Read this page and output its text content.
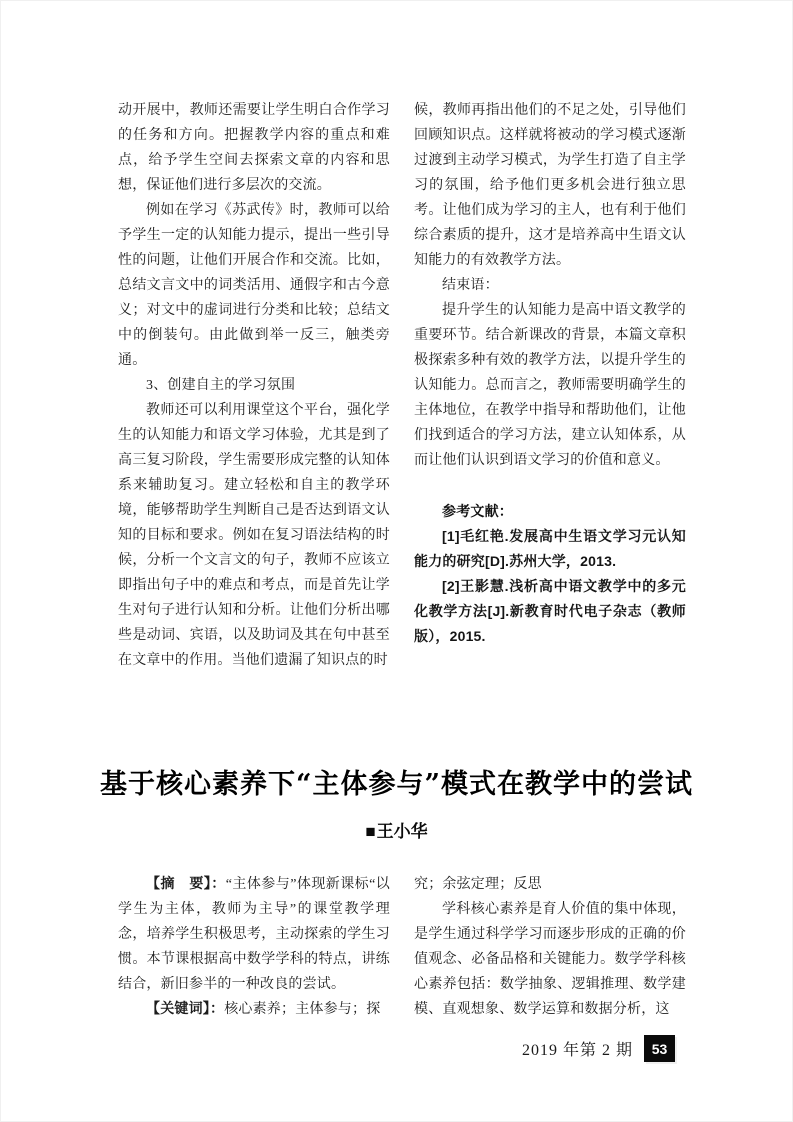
动开展中，教师还需要让学生明白合作学习的任务和方向。把握教学内容的重点和难点，给予学生空间去探索文章的内容和思想，保证他们进行多层次的交流。

例如在学习《苏武传》时，教师可以给予学生一定的认知能力提示，提出一些引导性的问题，让他们开展合作和交流。比如，总结文言文中的词类活用、通假字和古今意义；对文中的虚词进行分类和比较；总结文中的倒装句。由此做到举一反三，触类旁通。

3、创建自主的学习氛围

教师还可以利用课堂这个平台，强化学生的认知能力和语文学习体验，尤其是到了高三复习阶段，学生需要形成完整的认知体系来辅助复习。建立轻松和自主的教学环境，能够帮助学生判断自己是否达到语文认知的目标和要求。例如在复习语法结构的时候，分析一个文言文的句子，教师不应该立即指出句子中的难点和考点，而是首先让学生对句子进行认知和分析。让他们分析出哪些是动词、宾语，以及助词及其在句中甚至在文章中的作用。当他们遗漏了知识点的时

候，教师再指出他们的不足之处，引导他们回顾知识点。这样就将被动的学习模式逐渐过渡到主动学习模式，为学生打造了自主学习的氛围，给予他们更多机会进行独立思考。让他们成为学习的主人，也有利于他们综合素质的提升，这才是培养高中生语文认知能力的有效教学方法。

结束语：

提升学生的认知能力是高中语文教学的重要环节。结合新课改的背景，本篇文章积极探索多种有效的教学方法，以提升学生的认知能力。总而言之，教师需要明确学生的主体地位，在教学中指导和帮助他们，让他们找到适合的学习方法，建立认知体系，从而让他们认识到语文学习的价值和意义。

参考文献：

[1]毛红艳.发展高中生语文学习元认知能力的研究[D].苏州大学，2013.

[2]王影慧.浅析高中语文教学中的多元化教学方法[J].新教育时代电子杂志（教师版），2015.

基于核心素养下“主体参与”模式在教学中的尝试
■王小华

【摘　要】：“主体参与”体现新课标“以学生为主体，教师为主导”的课堂教学理念，培养学生积极思考，主动探索的学生习惯。本节课根据高中数学学科的特点，讲练结合，新旧参半的一种改良的尝试。

【关键词】：核心素养；主体参与；探

究；余弦定理；反思

学科核心素养是育人价值的集中体现，是学生通过科学学习而逐步形成的正确的价值观念、必备品格和关键能力。数学学科核心素养包括：数学抽象、逻辑推理、数学建模、直观想象、数学运算和数据分析，这

2019 年第 2 期 53
